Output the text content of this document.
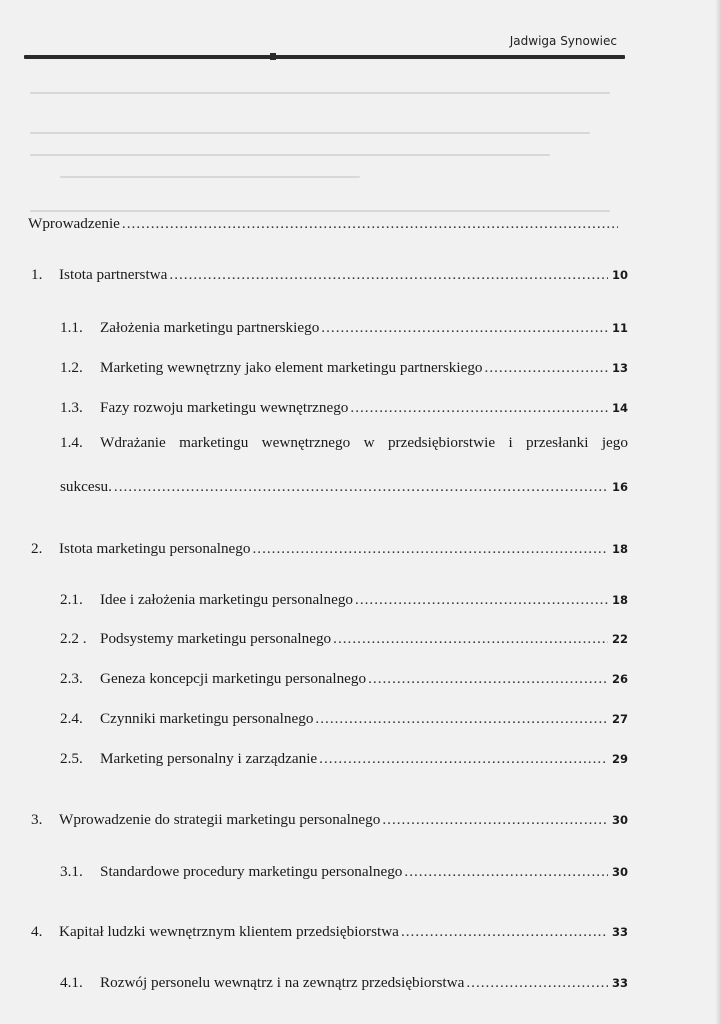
Jadwiga Synowiec
Wprowadzenie
.....
1.	Istota partnerstwa .....	10
1.1.	Założenia marketingu partnerskiego .....	11
1.2.	Marketing wewnętrzny jako element marketingu partnerskiego .....	13
1.3.	Fazy rozwoju marketingu wewnętrznego .....	14
1.4.	Wdrażanie marketingu wewnętrznego w przedsiębiorstwie i przesłanki jego
sukcesu. .....	16
2.	Istota marketingu personalnego .....	18
2.1.	Idee i założenia marketingu personalnego .....	18
2.2 . Podsystemy marketingu personalnego .....	22
2.3.	Geneza koncepcji marketingu personalnego .....	26
2.4.	Czynniki marketingu personalnego .....	27
2.5.	Marketing personalny i zarządzanie .....	29
3.	Wprowadzenie do strategii marketingu personalnego .....	30
3.1.	Standardowe procedury marketingu personalnego .....	30
4.	Kapitał ludzki wewnętrznym klientem przedsiębiorstwa .....	33
4.1.	Rozwój personelu wewnątrz i na zewnątrz przedsiębiorstwa .....	33
